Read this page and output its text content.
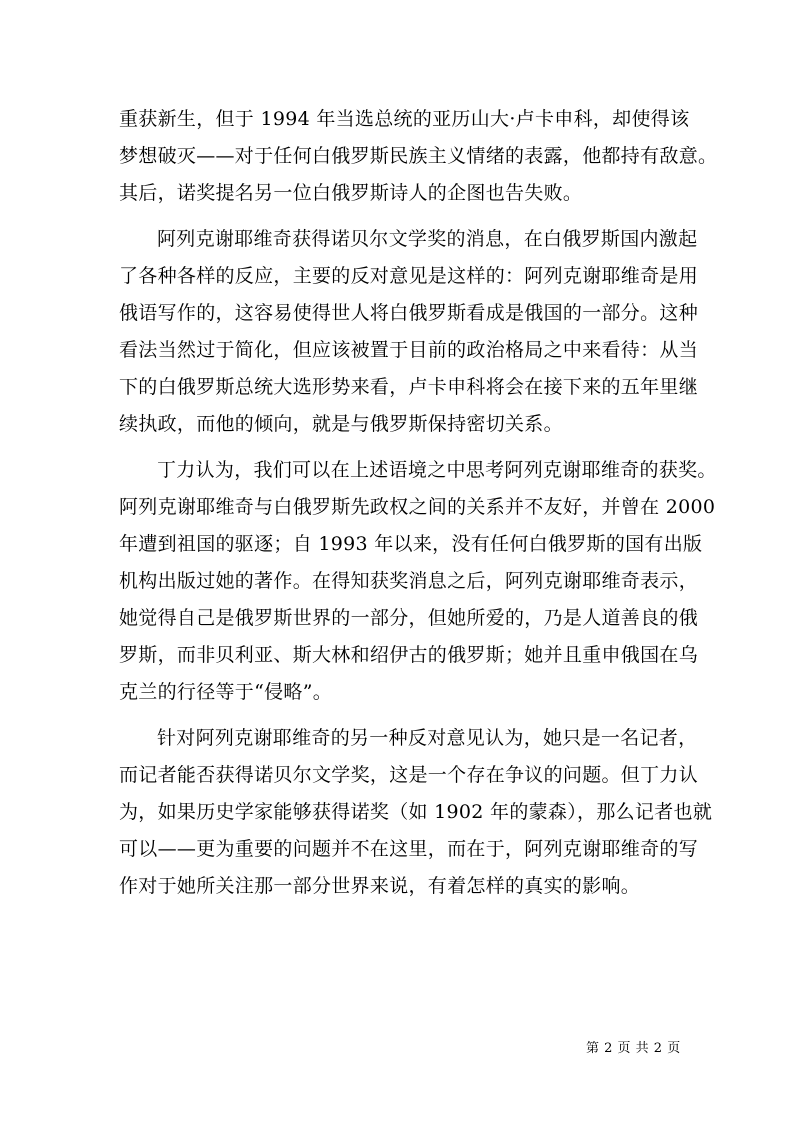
重获新生，但于 1994 年当选总统的亚历山大·卢卡申科，却使得该
梦想破灭——对于任何白俄罗斯民族主义情绪的表露，他都持有敌意。
其后，诺奖提名另一位白俄罗斯诗人的企图也告失败。
阿列克谢耶维奇获得诺贝尔文学奖的消息，在白俄罗斯国内激起
了各种各样的反应，主要的反对意见是这样的：阿列克谢耶维奇是用
俄语写作的，这容易使得世人将白俄罗斯看成是俄国的一部分。这种
看法当然过于简化，但应该被置于目前的政治格局之中来看待：从当
下的白俄罗斯总统大选形势来看，卢卡申科将会在接下来的五年里继
续执政，而他的倾向，就是与俄罗斯保持密切关系。
丁力认为，我们可以在上述语境之中思考阿列克谢耶维奇的获奖。
阿列克谢耶维奇与白俄罗斯先政权之间的关系并不友好，并曾在 2000
年遭到祖国的驱逐；自 1993 年以来，没有任何白俄罗斯的国有出版
机构出版过她的著作。在得知获奖消息之后，阿列克谢耶维奇表示，
她觉得自己是俄罗斯世界的一部分，但她所爱的，乃是人道善良的俄
罗斯，而非贝利亚、斯大林和绍伊古的俄罗斯；她并且重申俄国在乌
克兰的行径等于“侵略”。
针对阿列克谢耶维奇的另一种反对意见认为，她只是一名记者，
而记者能否获得诺贝尔文学奖，这是一个存在争议的问题。但丁力认
为，如果历史学家能够获得诺奖（如 1902 年的蒙森），那么记者也就
可以——更为重要的问题并不在这里，而在于，阿列克谢耶维奇的写
作对于她所关注那一部分世界来说，有着怎样的真实的影响。
第 2 页 共 2 页
